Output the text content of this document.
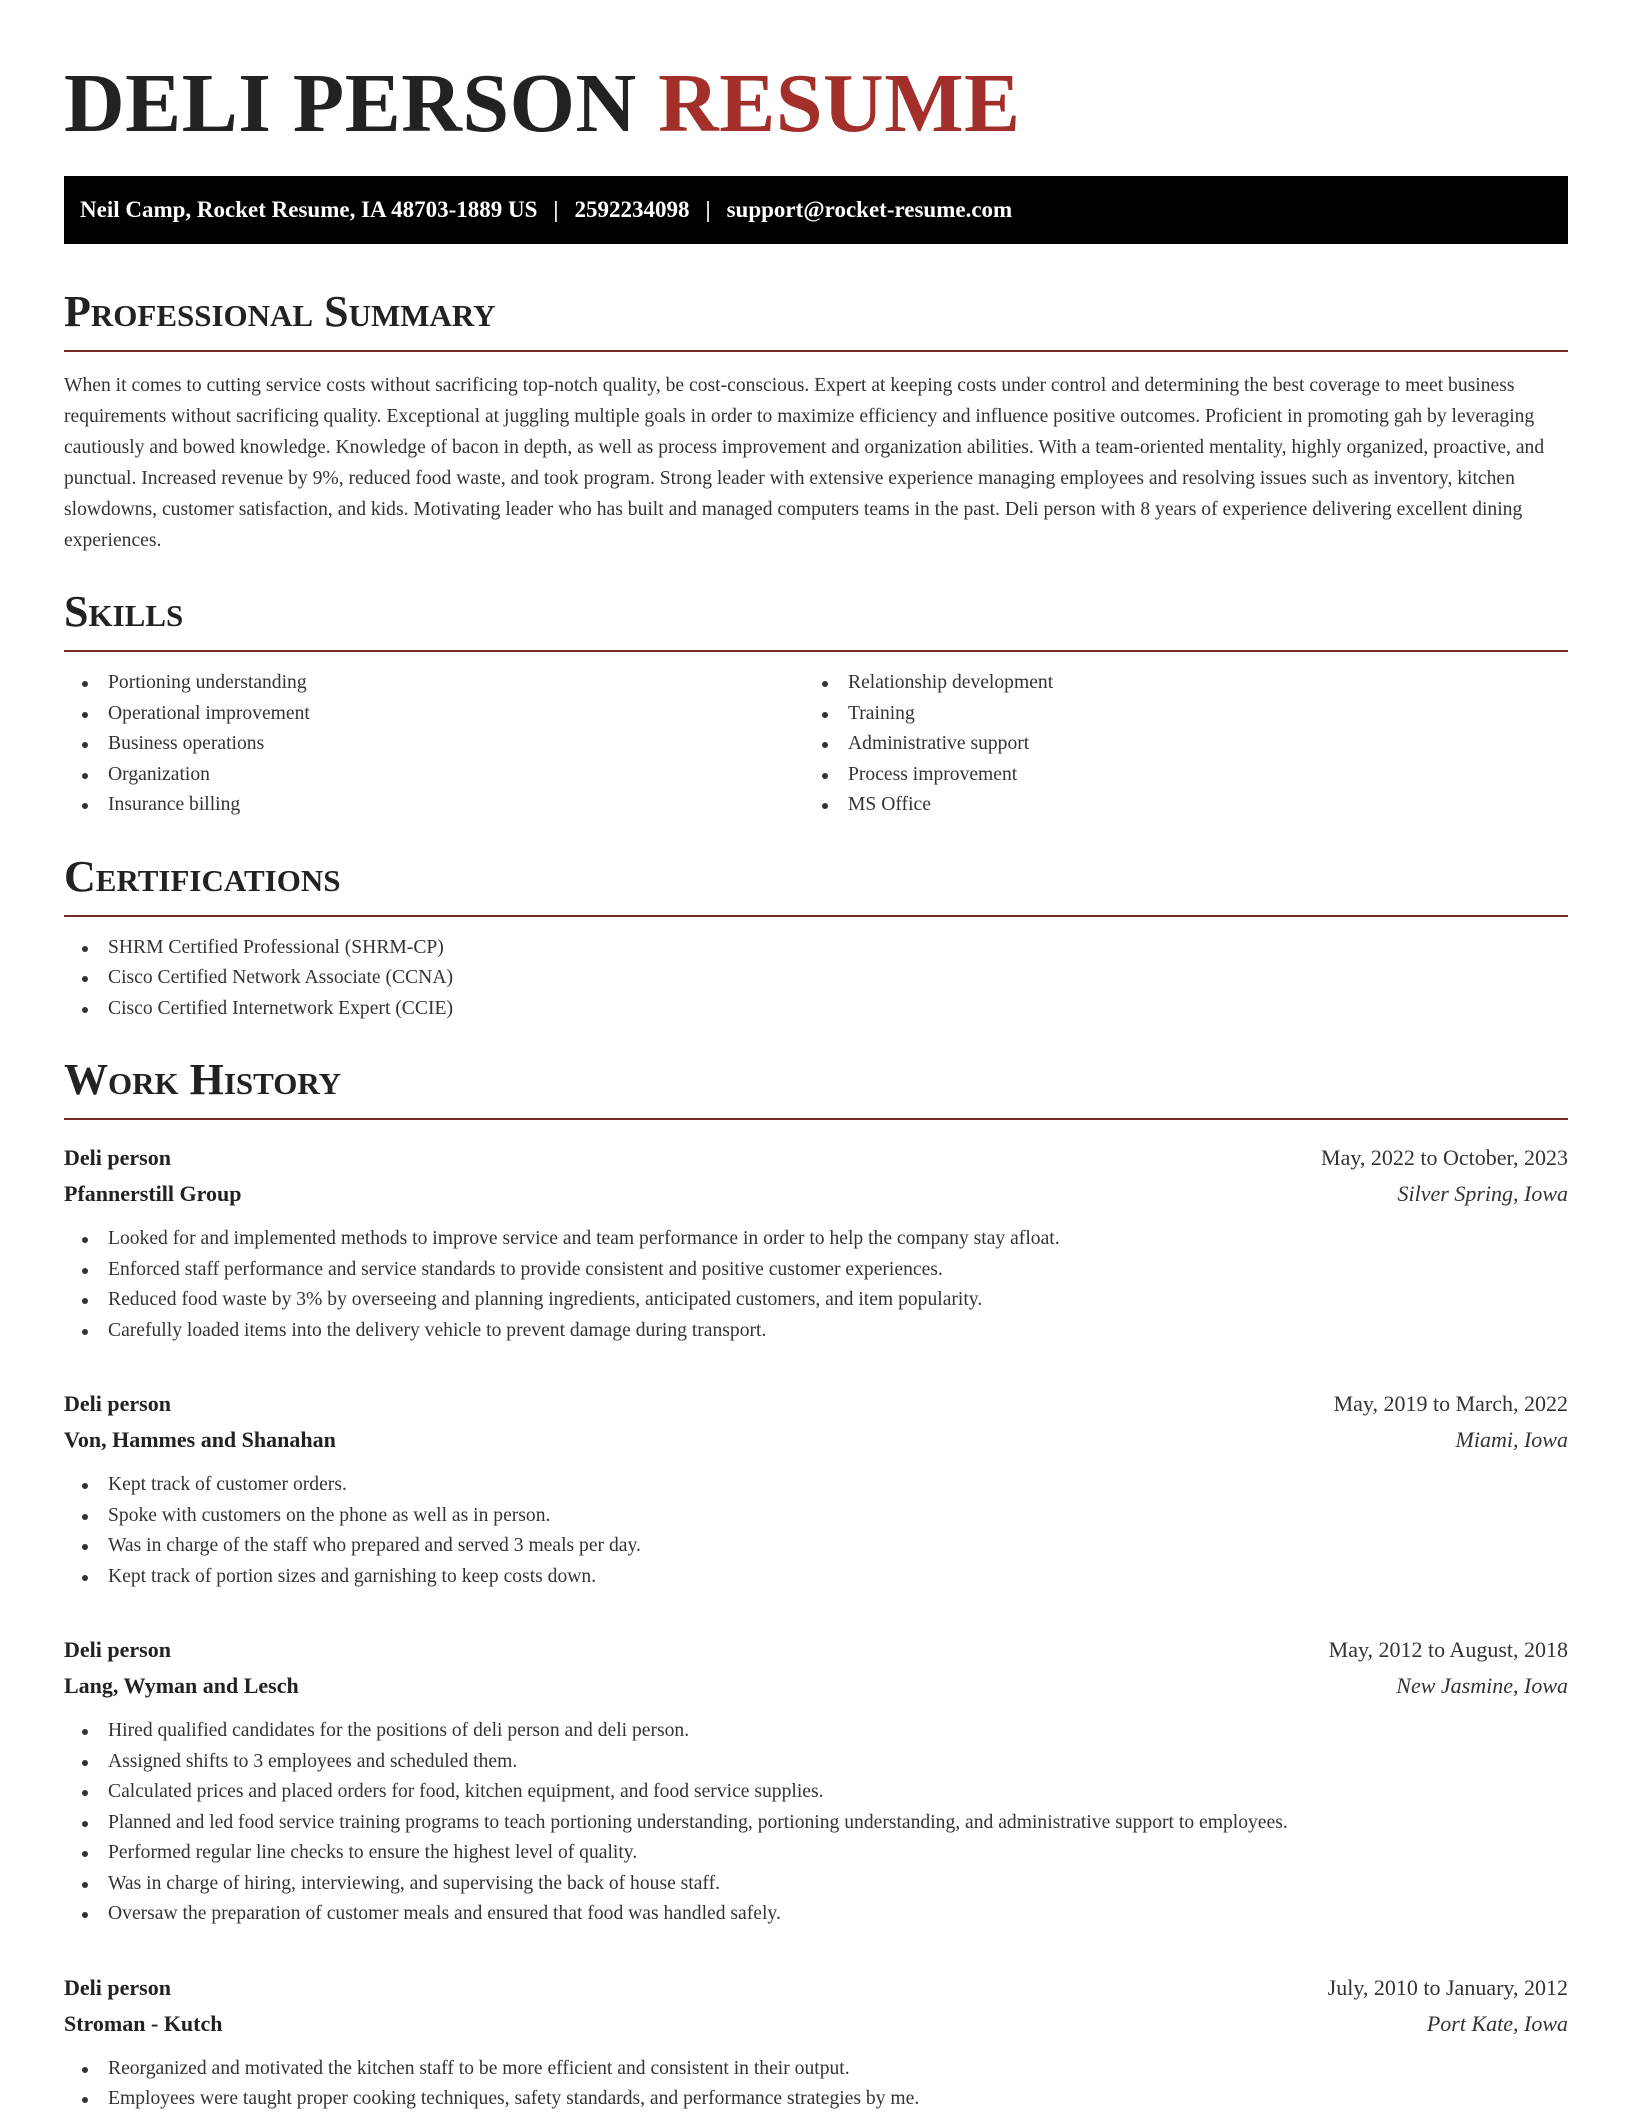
DELI PERSON RESUME
Neil Camp, Rocket Resume, IA 48703-1889 US | 2592234098 | support@rocket-resume.com
Professional Summary

When it comes to cutting service costs without sacrificing top-notch quality, be cost-conscious. Expert at keeping costs under control and determining the best coverage to meet business requirements without sacrificing quality. Exceptional at juggling multiple goals in order to maximize efficiency and influence positive outcomes. Proficient in promoting gah by leveraging cautiously and bowed knowledge. Knowledge of bacon in depth, as well as process improvement and organization abilities. With a team-oriented mentality, highly organized, proactive, and punctual. Increased revenue by 9%, reduced food waste, and took program. Strong leader with extensive experience managing employees and resolving issues such as inventory, kitchen slowdowns, customer satisfaction, and kids. Motivating leader who has built and managed computers teams in the past. Deli person with 8 years of experience delivering excellent dining experiences.

Skills
Portioning understanding
Operational improvement
Business operations
Organization
Insurance billing
Relationship development
Training
Administrative support
Process improvement
MS Office
Certifications
SHRM Certified Professional (SHRM-CP)
Cisco Certified Network Associate (CCNA)
Cisco Certified Internetwork Expert (CCIE)
Work History
Deli person	May, 2022 to October, 2023
Pfannerstill Group	Silver Spring, Iowa
Looked for and implemented methods to improve service and team performance in order to help the company stay afloat.
Enforced staff performance and service standards to provide consistent and positive customer experiences.
Reduced food waste by 3% by overseeing and planning ingredients, anticipated customers, and item popularity.
Carefully loaded items into the delivery vehicle to prevent damage during transport.
Deli person	May, 2019 to March, 2022
Von, Hammes and Shanahan	Miami, Iowa
Kept track of customer orders.
Spoke with customers on the phone as well as in person.
Was in charge of the staff who prepared and served 3 meals per day.
Kept track of portion sizes and garnishing to keep costs down.
Deli person	May, 2012 to August, 2018
Lang, Wyman and Lesch	New Jasmine, Iowa
Hired qualified candidates for the positions of deli person and deli person.
Assigned shifts to 3 employees and scheduled them.
Calculated prices and placed orders for food, kitchen equipment, and food service supplies.
Planned and led food service training programs to teach portioning understanding, portioning understanding, and administrative support to employees.
Performed regular line checks to ensure the highest level of quality.
Was in charge of hiring, interviewing, and supervising the back of house staff.
Oversaw the preparation of customer meals and ensured that food was handled safely.
Deli person	July, 2010 to January, 2012
Stroman - Kutch	Port Kate, Iowa
Reorganized and motivated the kitchen staff to be more efficient and consistent in their output.
Employees were taught proper cooking techniques, safety standards, and performance strategies by me.
